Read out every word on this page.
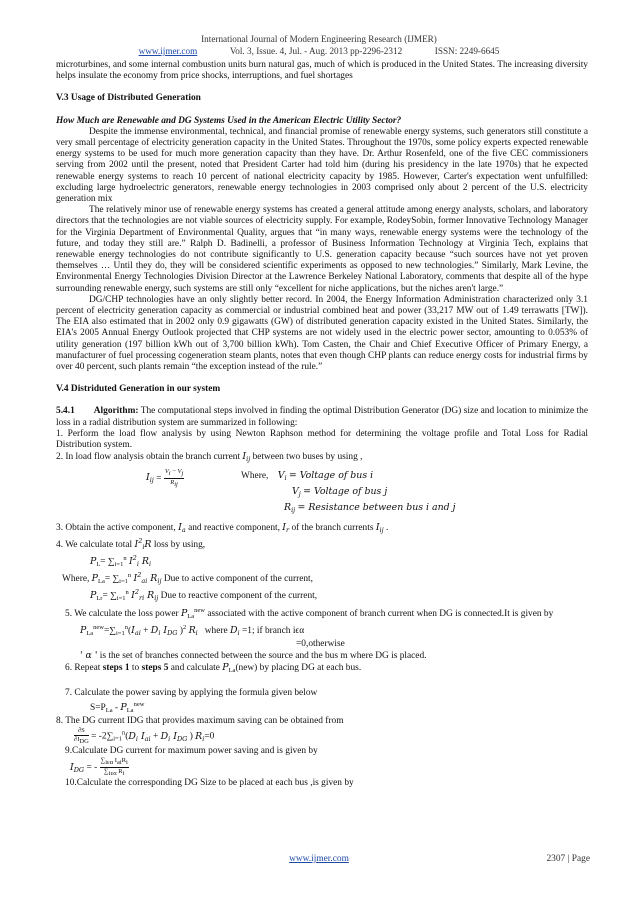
International Journal of Modern Engineering Research (IJMER)
www.ijmer.com	Vol. 3, Issue. 4, Jul. - Aug. 2013 pp-2296-2312	ISSN: 2249-6645

microturbines, and some internal combustion units burn natural gas, much of which is produced in the United States. The increasing diversity helps insulate the economy from price shocks, interruptions, and fuel shortages

V.3 Usage of Distributed Generation

How Much are Renewable and DG Systems Used in the American Electric Utility Sector?

Despite the immense environmental, technical, and financial promise of renewable energy systems, such generators still constitute a very small percentage of electricity generation capacity in the United States. Throughout the 1970s, some policy experts expected renewable energy systems to be used for much more generation capacity than they have. Dr. Arthur Rosenfeld, one of the five CEC commissioners serving from 2002 until the present, noted that President Carter had told him (during his presidency in the late 1970s) that he expected renewable energy systems to reach 10 percent of national electricity capacity by 1985. However, Carter's expectation went unfulfilled: excluding large hydroelectric generators, renewable energy technologies in 2003 comprised only about 2 percent of the U.S. electricity generation mix

The relatively minor use of renewable energy systems has created a general attitude among energy analysts, scholars, and laboratory directors that the technologies are not viable sources of electricity supply. For example, RodeySobin, former Innovative Technology Manager for the Virginia Department of Environmental Quality, argues that “in many ways, renewable energy systems were the technology of the future, and today they still are.” Ralph D. Badinelli, a professor of Business Information Technology at Virginia Tech, explains that renewable energy technologies do not contribute significantly to U.S. generation capacity because “such sources have not yet proven themselves … Until they do, they will be considered scientific experiments as opposed to new technologies.” Similarly, Mark Levine, the Environmental Energy Technologies Division Director at the Lawrence Berkeley National Laboratory, comments that despite all of the hype surrounding renewable energy, such systems are still only “excellent for niche applications, but the niches aren't large.”

DG/CHP technologies have an only slightly better record. In 2004, the Energy Information Administration characterized only 3.1 percent of electricity generation capacity as commercial or industrial combined heat and power (33,217 MW out of 1.49 terrawatts [TW]). The EIA also estimated that in 2002 only 0.9 gigawatts (GW) of distributed generation capacity existed in the United States. Similarly, the EIA's 2005 Annual Energy Outlook projected that CHP systems are not widely used in the electric power sector, amounting to 0.053% of utility generation (197 billion kWh out of 3,700 billion kWh). Tom Casten, the Chair and Chief Executive Officer of Primary Energy, a manufacturer of fuel processing cogeneration steam plants, notes that even though CHP plants can reduce energy costs for industrial firms by over 40 percent, such plants remain “the exception instead of the rule.”

V.4 Distriduted Generation in our system

5.4.1 Algorithm: The computational steps involved in finding the optimal Distribution Generator (DG) size and location to minimize the loss in a radial distribution system are summarized in following:

1. Perform the load flow analysis by using Newton Raphson method for determining the voltage profile and Total Loss for Radial Distribution system.

2. In load flow analysis obtain the branch current $I_{ij}$ between two buses by using ,

$I_{ij} = \frac{Vi - Vj}{\text{Rij}}$	Where, $V_i$ = Voltage of bus i
$V_j$ = Voltage of bus j
$R_{ij}$ = Resistance between bus i and j

3. Obtain the active component, $I_a$ and reactive component, $I_r$ of the branch currents $I_{ij}$ .

4. We calculate total $I^2_iR$ loss by using,

$P_L= \sum_{i=1}^n$ $I^2_i$ $R_i$

Where, $P_{La}= \sum_{i=1}^n$ $I^2_{ai}$ $R_{ij}$ Due to active component of the current,

$P_{Lr}= \sum_{i=1}^n$ $I^2_{ri}$ $R_{ij}$ Due to reactive component of the current,

5. We calculate the loss power $P_{La}^{new}$ associated with the active component of branch current when DG is connected.It is given by

$P_{La}^{new}=\sum_{i=1}^n(I_{ai} + D_i$ $I_{DG}$ )$^2$ $R_i$ where $D_i =1$; if branch iϵα

=0,otherwise

' α ' is the set of branches connected between the source and the bus m where DG is placed.

6. Repeat steps 1 to steps 5 and calculate $P_{La}(new)$ by placing DG at each bus.

7. Calculate the power saving by applying the formula given below

$S=P_{La} - P_{La}^{new}$

8. The DG current IDG that provides maximum saving can be obtained from

$\frac{\partial S}{\text{∂IDG}} = -2\sum_{i=1}^n(D_i$ $I_{ai} + D_i$ $I_{DG}$ ) $R_i=0$

9.Calculate DG current for maximum power saving and is given by

$I_{DG}$ = - $\frac{\text{∑iεα IaiRi}}{\text{∑iεα Ri}}$

10.Calculate the corresponding DG Size to be placed at each bus ,is given by

www.ijmer.com	2307 | Page
